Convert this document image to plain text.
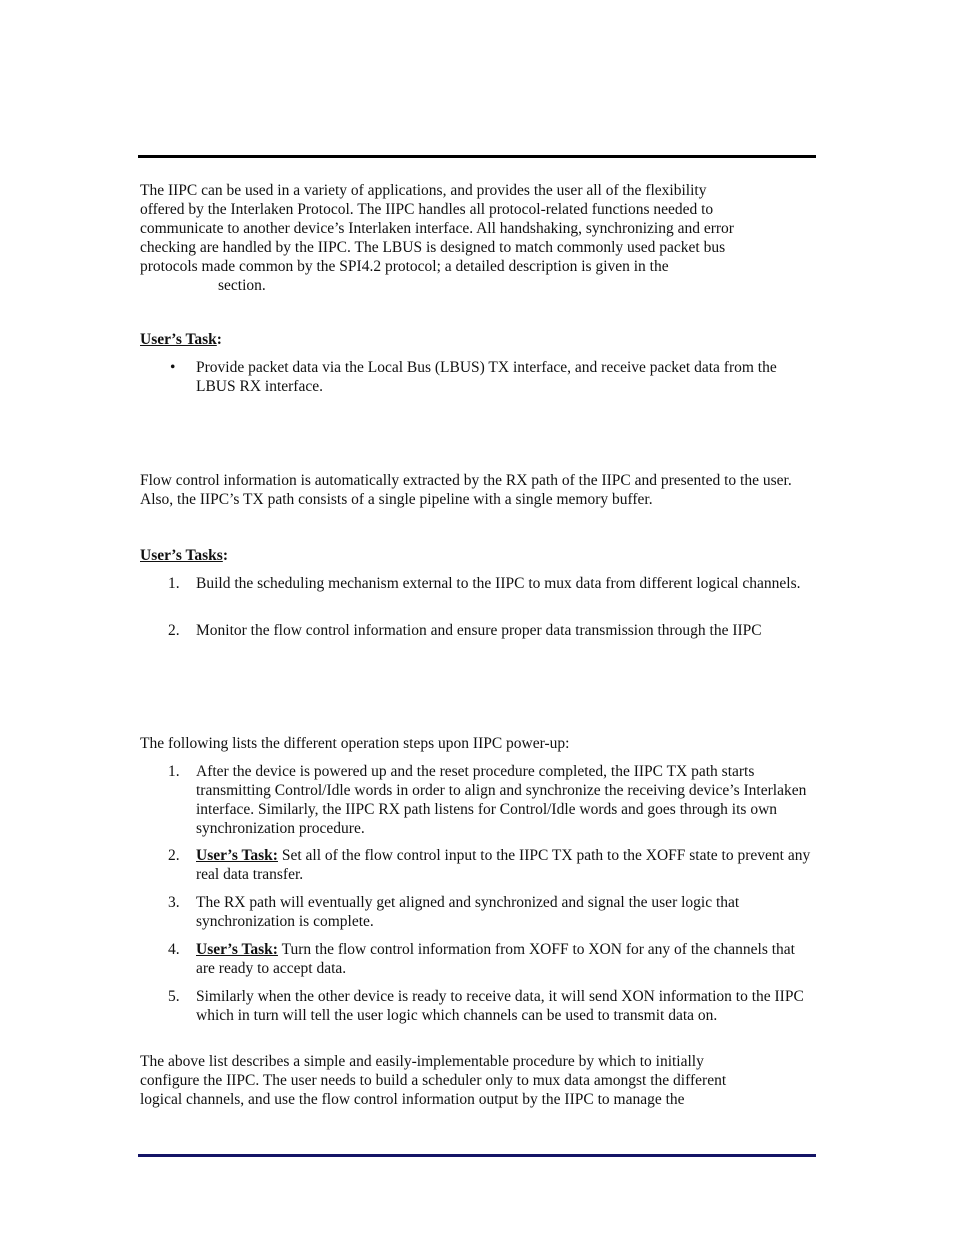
The IIPC can be used in a variety of applications, and provides the user all of the flexibility
offered by the Interlaken Protocol. The IIPC handles all protocol-related functions needed to
communicate to another device’s Interlaken interface. All handshaking, synchronizing and error
checking are handled by the IIPC. The LBUS is designed to match commonly used packet bus
protocols made common by the SPI4.2 protocol; a detailed description is given in the
section.
User’s Task:
• Provide packet data via the Local Bus (LBUS) TX interface, and receive packet data from the LBUS RX interface.
Flow control information is automatically extracted by the RX path of the IIPC and presented to the user. Also, the IIPC’s TX path consists of a single pipeline with a single memory buffer.
User’s Tasks:
1. Build the scheduling mechanism external to the IIPC to mux data from different logical channels.
2. Monitor the flow control information and ensure proper data transmission through the IIPC
The following lists the different operation steps upon IIPC power-up:
1. After the device is powered up and the reset procedure completed, the IIPC TX path starts transmitting Control/Idle words in order to align and synchronize the receiving device’s Interlaken interface. Similarly, the IIPC RX path listens for Control/Idle words and goes through its own synchronization procedure.
2. User’s Task: Set all of the flow control input to the IIPC TX path to the XOFF state to prevent any real data transfer.
3. The RX path will eventually get aligned and synchronized and signal the user logic that synchronization is complete.
4. User’s Task: Turn the flow control information from XOFF to XON for any of the channels that are ready to accept data.
5. Similarly when the other device is ready to receive data, it will send XON information to the IIPC which in turn will tell the user logic which channels can be used to transmit data on.
The above list describes a simple and easily-implementable procedure by which to initially
configure the IIPC. The user needs to build a scheduler only to mux data amongst the different
logical channels, and use the flow control information output by the IIPC to manage the
